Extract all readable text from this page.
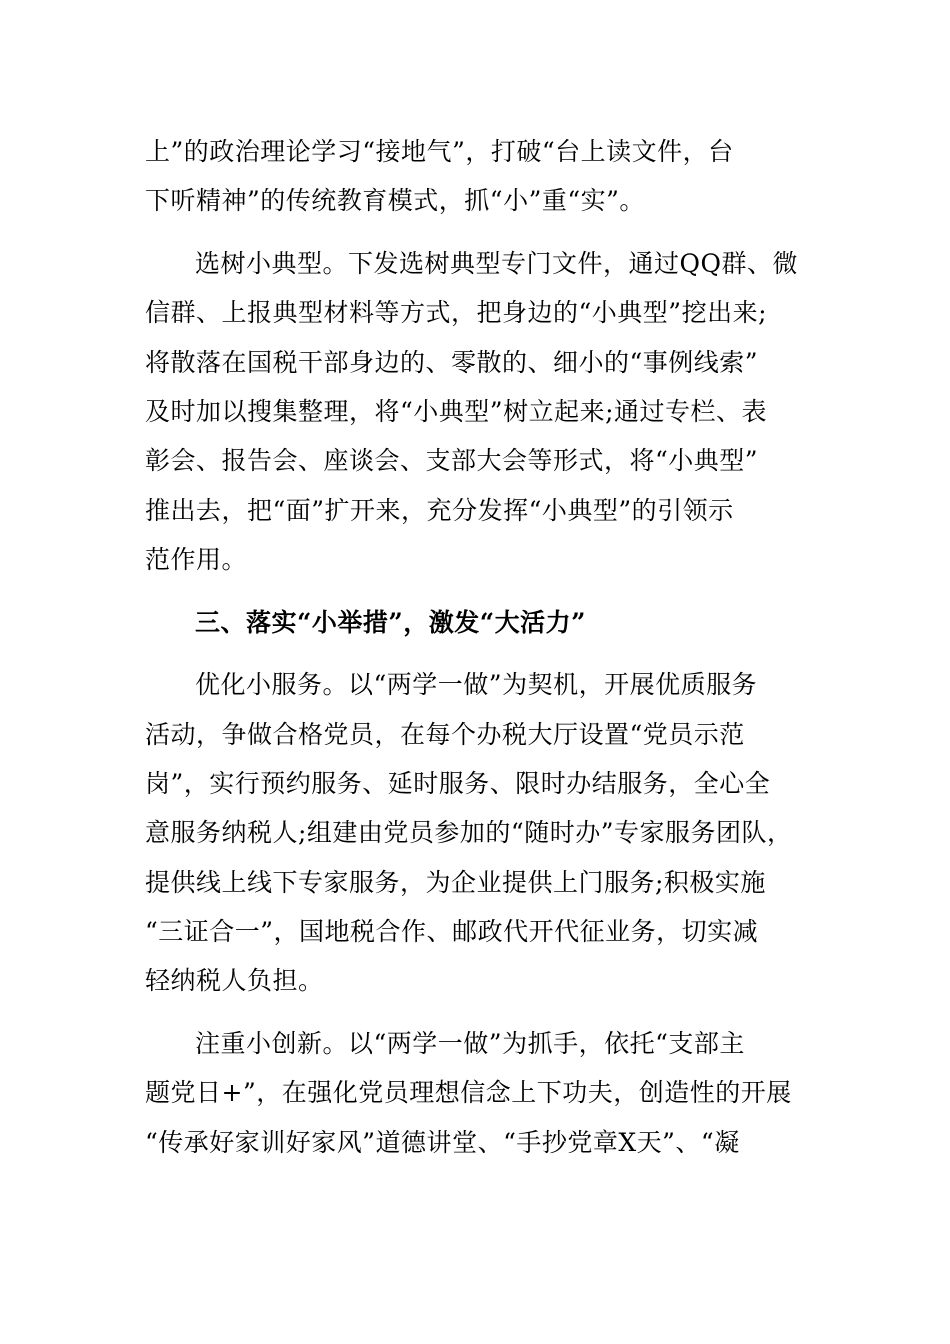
上”的政治理论学习“接地气”，打破“台上读文件，台
下听精神”的传统教育模式，抓“小”重“实”。
选树小典型。下发选树典型专门文件，通过QQ群、微
信群、上报典型材料等方式，把身边的“小典型”挖出来;
将散落在国税干部身边的、零散的、细小的“事例线索”
及时加以搜集整理，将“小典型”树立起来;通过专栏、表
彰会、报告会、座谈会、支部大会等形式，将“小典型”
推出去，把“面”扩开来，充分发挥“小典型”的引领示
范作用。
三、落实“小举措”，激发“大活力”
优化小服务。以“两学一做”为契机，开展优质服务
活动，争做合格党员，在每个办税大厅设置“党员示范
岗”，实行预约服务、延时服务、限时办结服务，全心全
意服务纳税人;组建由党员参加的“随时办”专家服务团队，
提供线上线下专家服务，为企业提供上门服务;积极实施
“三证合一”，国地税合作、邮政代开代征业务，切实减
轻纳税人负担。
注重小创新。以“两学一做”为抓手，依托“支部主
题党日+”，在强化党员理想信念上下功夫，创造性的开展
“传承好家训好家风”道德讲堂、“手抄党章X天”、“凝
